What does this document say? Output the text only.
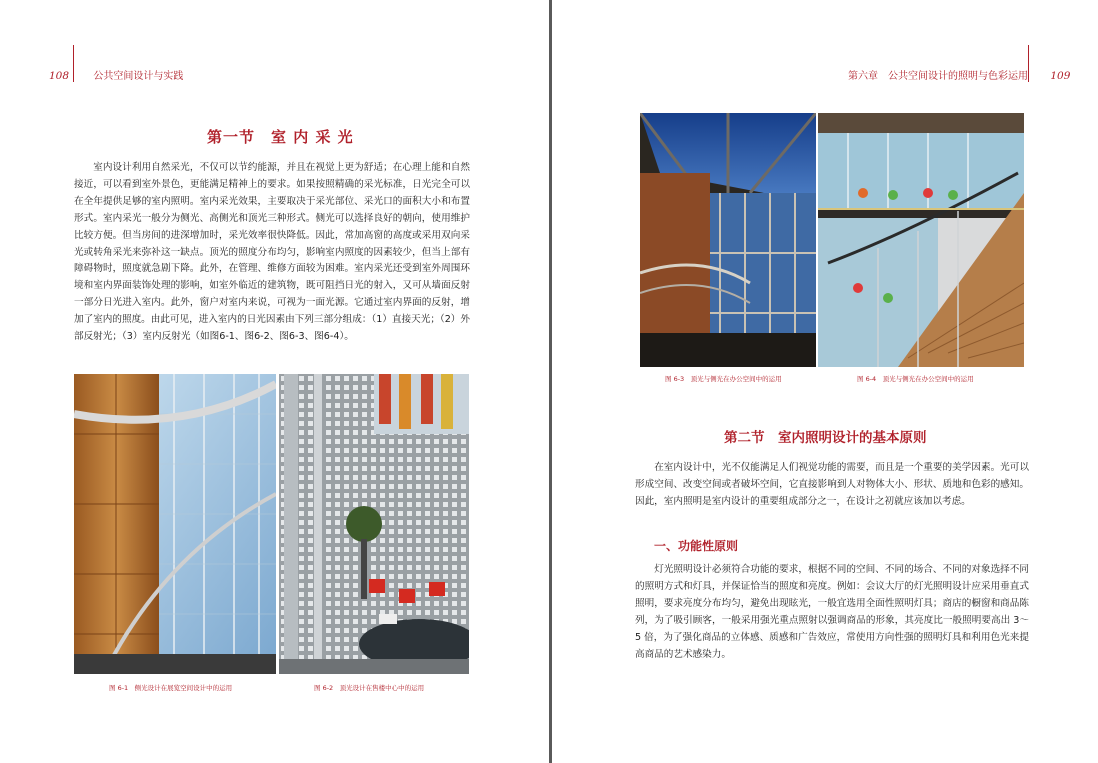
108 公共空间设计与实践
第一节　室 内 采 光

室内设计利用自然采光，不仅可以节约能源，并且在视觉上更为舒适；在心理上能和自然接近，可以看到室外景色，更能满足精神上的要求。如果按照精确的采光标准，日光完全可以在全年提供足够的室内照明。室内采光效果，主要取决于采光部位、采光口的面积大小和布置形式。室内采光一般分为侧光、高侧光和顶光三种形式。侧光可以选择良好的朝向，使用维护比较方便。但当房间的进深增加时，采光效率很快降低。因此，常加高窗的高度或采用双向采光或转角采光来弥补这一缺点。顶光的照度分布均匀，影响室内照度的因素较少，但当上部有障碍物时，照度就急剧下降。此外，在管理、维修方面较为困难。室内采光还受到室外周围环境和室内界面装饰处理的影响，如室外临近的建筑物，既可阻挡日光的射入，又可从墙面反射一部分日光进入室内。此外，窗户对室内来说，可视为一面光源。它通过室内界面的反射，增加了室内的照度。由此可见，进入室内的日光因素由下列三部分组成：（1）直接天光；（2）外部反射光；（3）室内反射光（如图6-1、图6-2、图6-3、图6-4）。

图 6-1　侧光设计在展览空间设计中的运用	图 6-2　顶光设计在售楼中心中的运用
第六章　公共空间设计的照明与色彩运用 109
图 6-3　顶光与侧光在办公空间中的运用	图 6-4　顶光与侧光在办公空间中的运用
第二节　室内照明设计的基本原则

在室内设计中，光不仅能满足人们视觉功能的需要，而且是一个重要的美学因素。光可以形成空间、改变空间或者破坏空间，它直接影响到人对物体大小、形状、质地和色彩的感知。因此，室内照明是室内设计的重要组成部分之一，在设计之初就应该加以考虑。

一、功能性原则

灯光照明设计必须符合功能的要求，根据不同的空间、不同的场合、不同的对象选择不同的照明方式和灯具，并保证恰当的照度和亮度。例如：会议大厅的灯光照明设计应采用垂直式照明，要求亮度分布均匀，避免出现眩光，一般宜选用全面性照明灯具；商店的橱窗和商品陈列，为了吸引顾客，一般采用强光重点照射以强调商品的形象，其亮度比一般照明要高出 3～5 倍，为了强化商品的立体感、质感和广告效应，常使用方向性强的照明灯具和利用色光来提高商品的艺术感染力。
